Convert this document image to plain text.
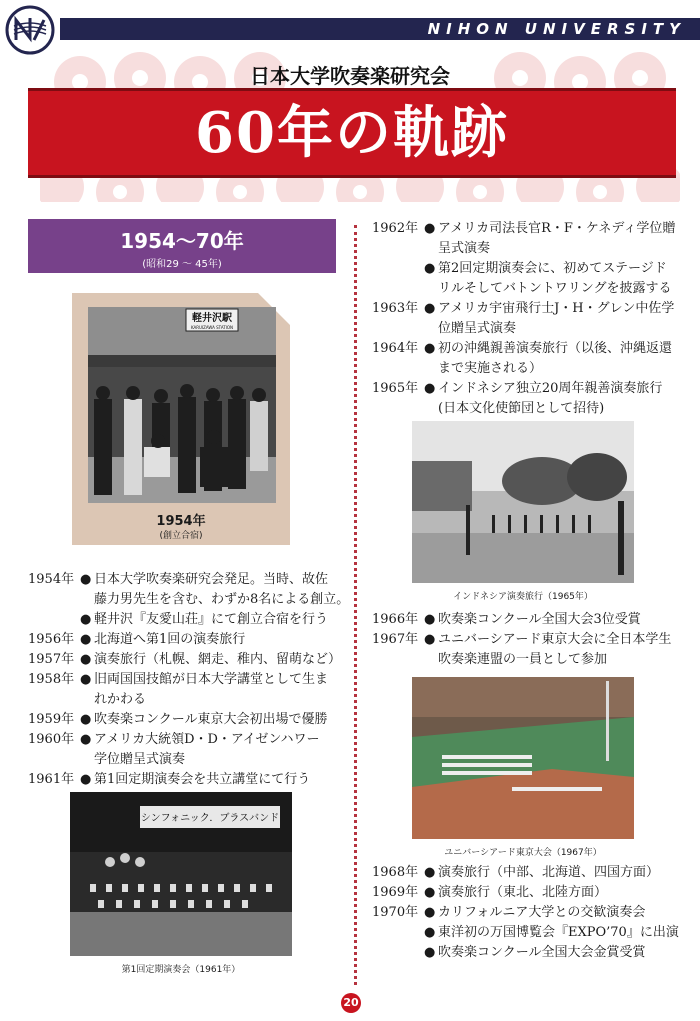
NIHON UNIVERSITY
日本大学吹奏楽研究会
60年の軌跡
1954～70年
(昭和29 ～ 45年)
軽井沢駅
KARUIZAWA STATION
1954年
(創立合宿)
1954年 ● 日本大学吹奏楽研究会発足。当時、故佐
藤力男先生を含む、わずか8名による創立。
● 軽井沢『友愛山荘』にて創立合宿を行う
1956年 ● 北海道へ第1回の演奏旅行
1957年 ● 演奏旅行（札幌、網走、稚内、留萌など）
1958年 ● 旧両国国技館が日本大学講堂として生ま
れかわる
1959年 ● 吹奏楽コンクール東京大会初出場で優勝
1960年 ● アメリカ大統領D・D・アイゼンハワー
学位贈呈式演奏
1961年 ● 第1回定期演奏会を共立講堂にて行う
シンフォニック．ブラスバンド
第1回定期演奏会（1961年）
1962年 ● アメリカ司法長官R・F・ケネディ学位贈
呈式演奏
● 第2回定期演奏会に、初めてステージド
リルそしてバトントワリングを披露する
1963年 ● アメリカ宇宙飛行士J・H・グレン中佐学
位贈呈式演奏
1964年 ● 初の沖縄親善演奏旅行（以後、沖縄返還
まで実施される）
1965年 ● インドネシア独立20周年親善演奏旅行
(日本文化使節団として招待)
インドネシア演奏旅行（1965年）
1966年 ● 吹奏楽コンクール全国大会3位受賞
1967年 ● ユニバーシアード東京大会に全日本学生
吹奏楽連盟の一員として参加
ユニバーシアード東京大会（1967年）
1968年 ● 演奏旅行（中部、北海道、四国方面）
1969年 ● 演奏旅行（東北、北陸方面）
1970年 ● カリフォルニア大学との交歓演奏会
● 東洋初の万国博覧会『EXPO’70』に出演
● 吹奏楽コンクール全国大会金賞受賞
20
